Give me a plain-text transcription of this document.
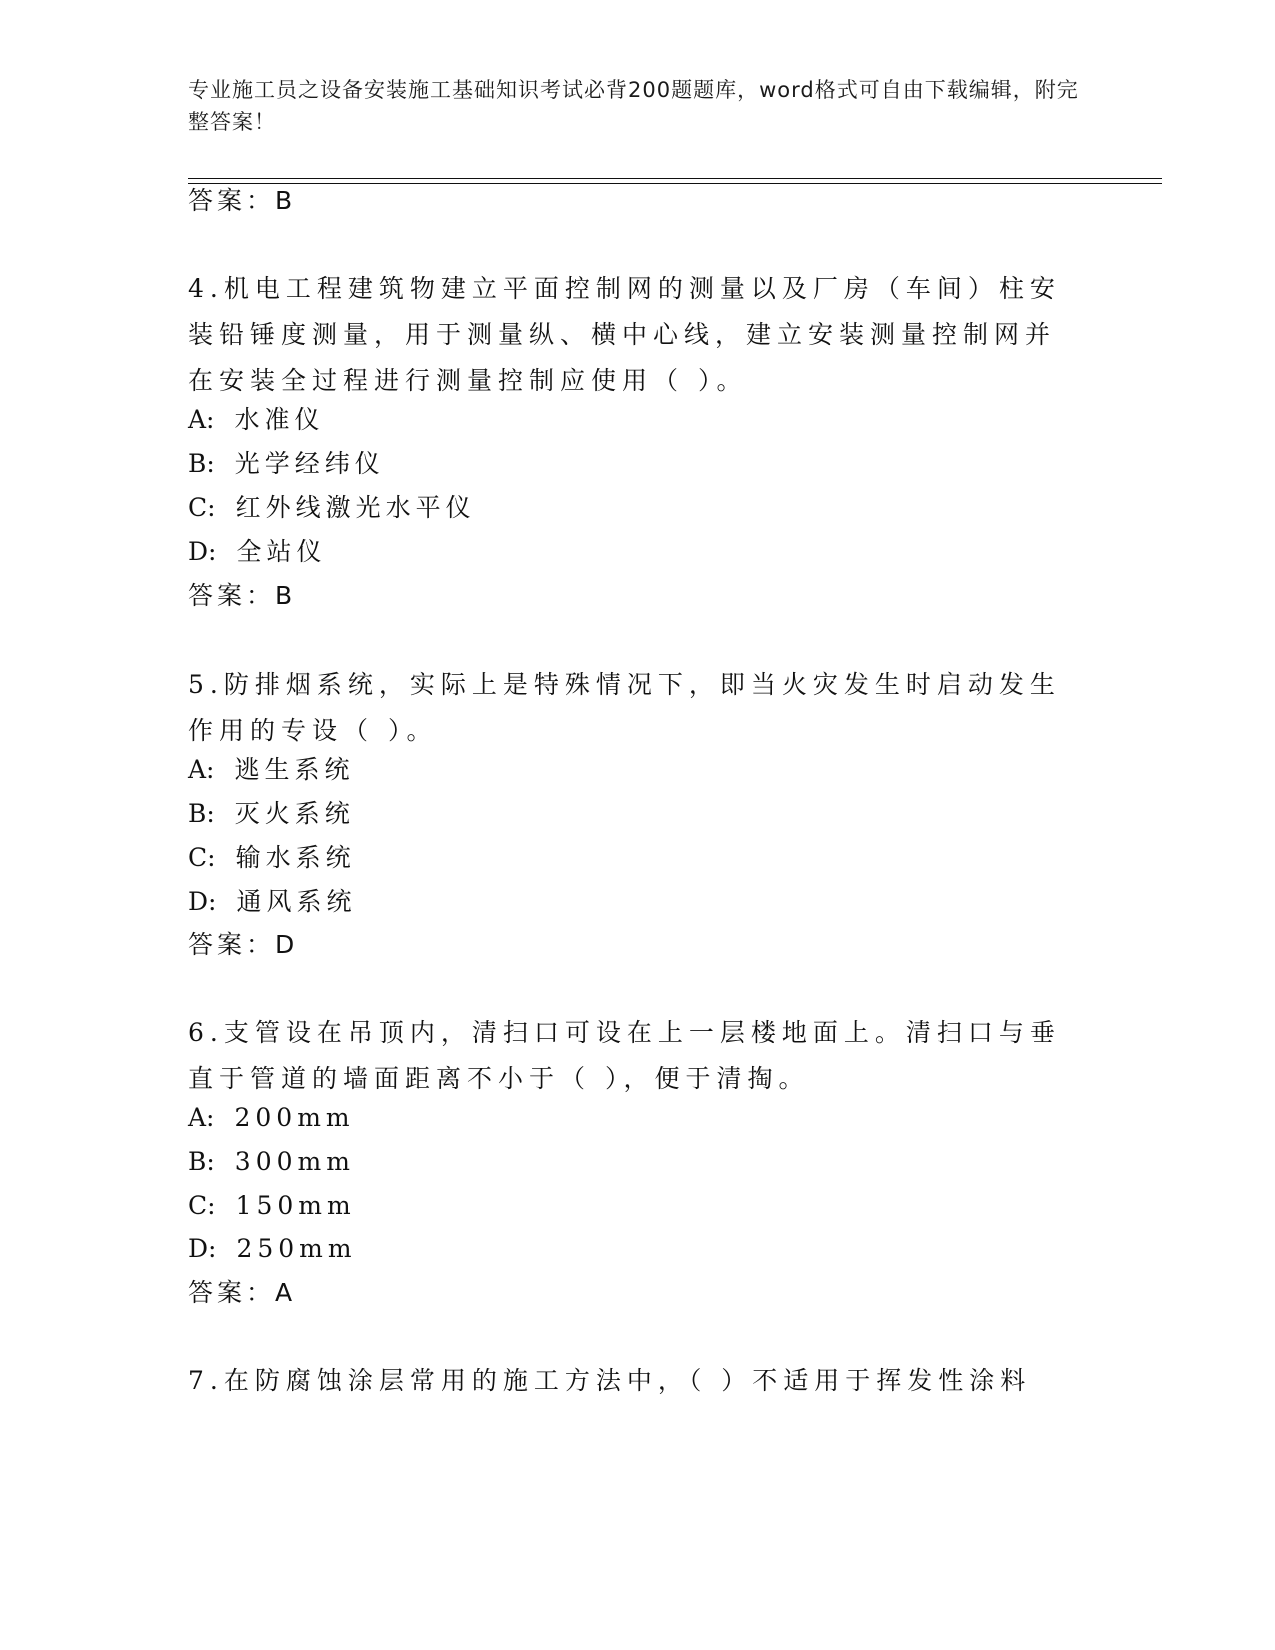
专业施工员之设备安装施工基础知识考试必背200题题库，word格式可自由下载编辑，附完整答案！
答案：B
4.机电工程建筑物建立平面控制网的测量以及厂房（车间）柱安装铅锤度测量，用于测量纵、横中心线，建立安装测量控制网并在安装全过程进行测量控制应使用（ ）。
A: 水准仪
B: 光学经纬仪
C: 红外线激光水平仪
D: 全站仪
答案：B
5.防排烟系统，实际上是特殊情况下，即当火灾发生时启动发生作用的专设（ ）。
A: 逃生系统
B: 灭火系统
C: 输水系统
D: 通风系统
答案：D
6.支管设在吊顶内，清扫口可设在上一层楼地面上。清扫口与垂直于管道的墙面距离不小于（ ），便于清掏。
A: 200mm
B: 300mm
C: 150mm
D: 250mm
答案：A
7.在防腐蚀涂层常用的施工方法中，（ ）不适用于挥发性涂料
